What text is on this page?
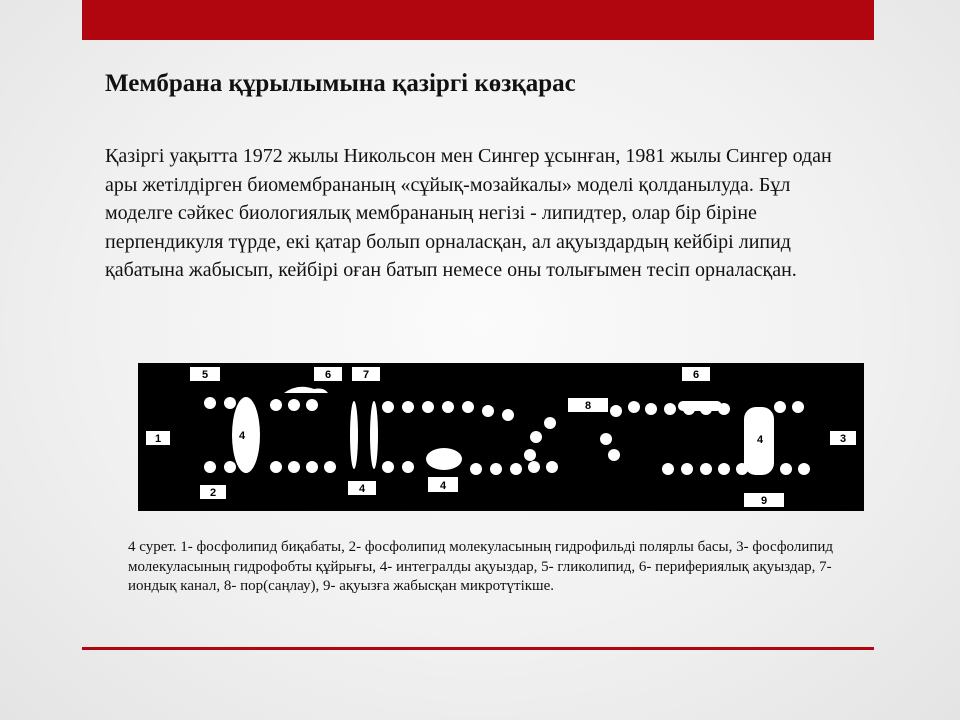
Мембрана құрылымына қазіргі көзқарас

Қазіргі уақытта 1972 жылы Никольсон мен Сингер ұсынған, 1981 жылы Сингер одан ары жетілдірген биомембрананың «сұйық-мозайкалы» моделі қолданылуда. Бұл моделге сәйкес биологиялық мембрананың негізі - липидтер, олар бір біріне перпендикуля түрде, екі қатар болып орналасқан, ал ақуыздардың кейбірі липид қабатына жабысып, кейбірі оған батып немесе оны толығымен тесіп орналасқан.

1
2
3
4
4	4
4
5	6	6
7
8
9

4 сурет. 1- фосфолипид биқабаты, 2- фосфолипид молекуласының гидрофильді полярлы басы, 3- фосфолипид молекуласының гидрофобты құйрығы, 4- интегралды ақуыздар, 5- гликолипид, 6- перифериялық ақуыздар, 7- иондық канал, 8- пор(саңлау), 9- ақуызға жабысқан микротүтікше.
